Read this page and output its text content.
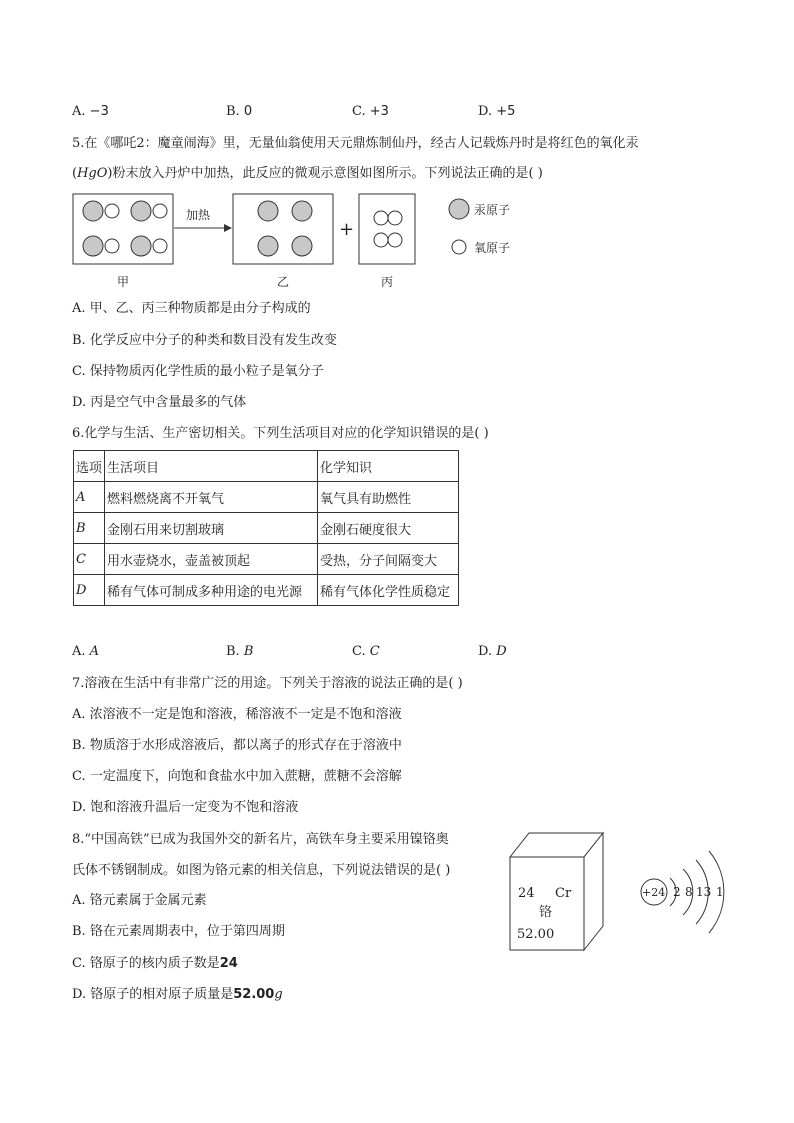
A. −3	B. 0	C. +3	D. +5
5.在《哪吒2：魔童闹海》里，无量仙翁使用天元鼎炼制仙丹，经古人记载炼丹时是将红色的氧化汞
(HgO)粉末放入丹炉中加热，此反应的微观示意图如图所示。下列说法正确的是( )
加热
+
汞原子
氧原子
甲	乙	丙
A. 甲、乙、丙三种物质都是由分子构成的
B. 化学反应中分子的种类和数目没有发生改变
C. 保持物质丙化学性质的最小粒子是氧分子
D. 丙是空气中含量最多的气体
6.化学与生活、生产密切相关。下列生活项目对应的化学知识错误的是( )
选项	生活项目	化学知识
A	燃料燃烧离不开氧气	氧气具有助燃性
B	金刚石用来切割玻璃	金刚石硬度很大
C	用水壶烧水，壶盖被顶起	受热，分子间隔变大
D	稀有气体可制成多种用途的电光源	稀有气体化学性质稳定
A. A	B. B	C. C	D. D
7.溶液在生活中有非常广泛的用途。下列关于溶液的说法正确的是( )
A. 浓溶液不一定是饱和溶液，稀溶液不一定是不饱和溶液
B. 物质溶于水形成溶液后，都以离子的形式存在于溶液中
C. 一定温度下，向饱和食盐水中加入蔗糖，蔗糖不会溶解
D. 饱和溶液升温后一定变为不饱和溶液
8.“中国高铁”已成为我国外交的新名片，高铁车身主要采用镍铬奥
氏体不锈钢制成。如图为铬元素的相关信息，下列说法错误的是( )
A. 铬元素属于金属元素
B. 铬在元素周期表中，位于第四周期
C. 铬原子的核内质子数是24
D. 铬原子的相对原子质量是52.00g
24 Cr
铬
52.00
+24 2 8 13 1
